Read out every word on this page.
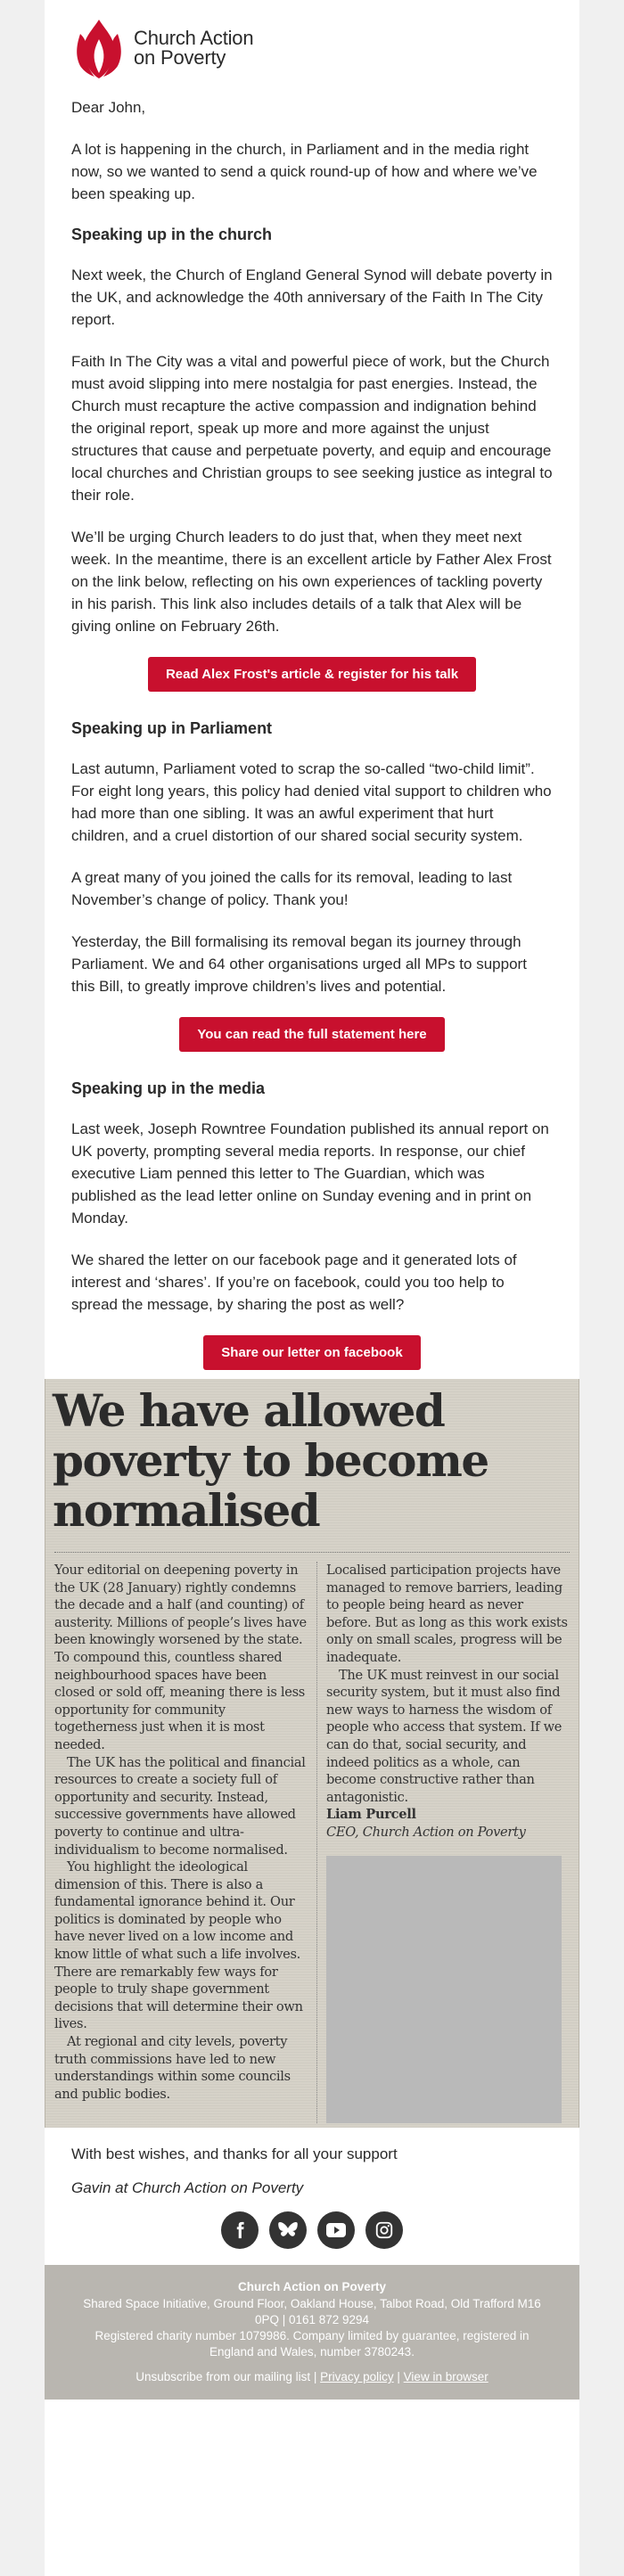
Church Action
on Poverty

Dear John,

A lot is happening in the church, in Parliament and in the media right now, so we wanted to send a quick round-up of how and where we’ve been speaking up.

Speaking up in the church

Next week, the Church of England General Synod will debate poverty in the UK, and acknowledge the 40th anniversary of the Faith In The City report.

Faith In The City was a vital and powerful piece of work, but the Church must avoid slipping into mere nostalgia for past energies. Instead, the Church must recapture the active compassion and indignation behind the original report, speak up more and more against the unjust structures that cause and perpetuate poverty, and equip and encourage local churches and Christian groups to see seeking justice as integral to their role.

We’ll be urging Church leaders to do just that, when they meet next week. In the meantime, there is an excellent article by Father Alex Frost on the link below, reflecting on his own experiences of tackling poverty in his parish. This link also includes details of a talk that Alex will be giving online on February 26th.

Read Alex Frost's article & register for his talk
Speaking up in Parliament

Last autumn, Parliament voted to scrap the so-called “two-child limit”. For eight long years, this policy had denied vital support to children who had more than one sibling. It was an awful experiment that hurt children, and a cruel distortion of our shared social security system.

A great many of you joined the calls for its removal, leading to last November’s change of policy. Thank you!

Yesterday, the Bill formalising its removal began its journey through Parliament. We and 64 other organisations urged all MPs to support this Bill, to greatly improve children’s lives and potential.

You can read the full statement here
Speaking up in the media

Last week, Joseph Rowntree Foundation published its annual report on UK poverty, prompting several media reports. In response, our chief executive Liam penned this letter to The Guardian, which was published as the lead letter online on Sunday evening and in print on Monday.

We shared the letter on our facebook page and it generated lots of interest and ‘shares’. If you’re on facebook, could you too help to spread the message, by sharing the post as well?

Share our letter on facebook
We have allowed poverty to become normalised

Your editorial on deepening poverty in the UK (28 January) rightly condemns the decade and a half (and counting) of austerity. Millions of people’s lives have been knowingly worsened by the state. To compound this, countless shared neighbourhood spaces have been closed or sold off, meaning there is less opportunity for community togetherness just when it is most needed.

The UK has the political and financial resources to create a society full of opportunity and security. Instead, successive governments have allowed poverty to continue and ultra-individualism to become normalised.

You highlight the ideological dimension of this. There is also a fundamental ignorance behind it. Our politics is dominated by people who have never lived on a low income and know little of what such a life involves. There are remarkably few ways for people to truly shape government decisions that will determine their own lives.

At regional and city levels, poverty truth commissions have led to new understandings within some councils and public bodies.

Localised participation projects have managed to remove barriers, leading to people being heard as never before. But as long as this work exists only on small scales, progress will be inadequate.

The UK must reinvest in our social security system, but it must also find new ways to harness the wisdom of people who access that system. If we can do that, social security, and indeed politics as a whole, can become constructive rather than antagonistic.

Liam Purcell

CEO, Church Action on Poverty

With best wishes, and thanks for all your support

Gavin at Church Action on Poverty

Church Action on Poverty

Shared Space Initiative, Ground Floor, Oakland House, Talbot Road, Old Trafford M16 0PQ | 0161 872 9294

Registered charity number 1079986. Company limited by guarantee, registered in England and Wales, number 3780243.

Unsubscribe from our mailing list | Privacy policy | View in browser
